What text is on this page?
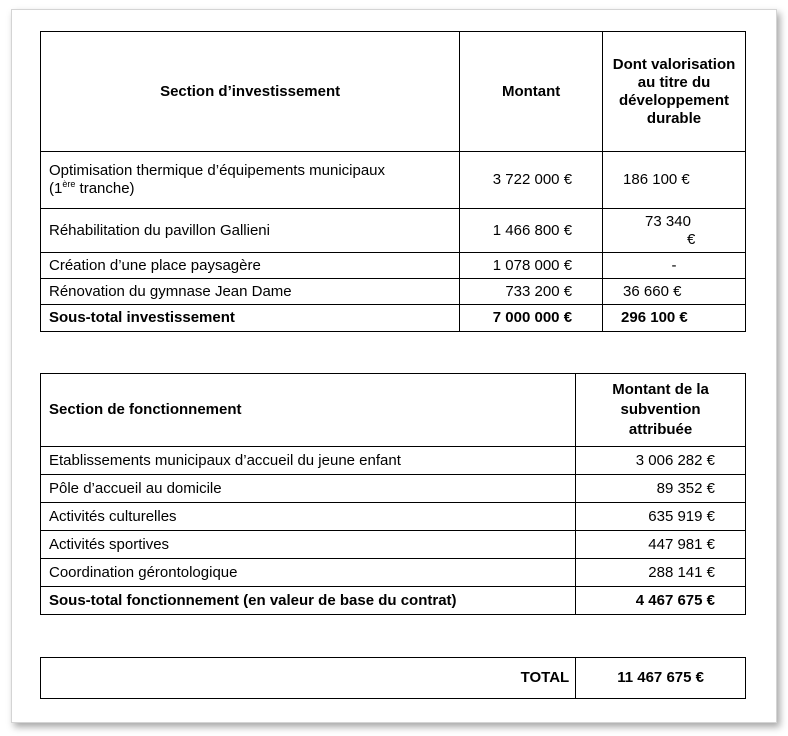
Section d’investissement	Montant	Dont valorisation au titre du développement durable
Optimisation thermique d’équipements municipaux
(1ère tranche)	3 722 000 €	186 100 €
Réhabilitation du pavillon Gallieni	1 466 800 €	73 340
€

Création d’une place paysagère	1 078 000 €	-
Rénovation du gymnase Jean Dame	733 200 €	36 660 €
Sous-total investissement	7 000 000 €	296 100 €
Section de fonctionnement	Montant de la subvention attribuée
Etablissements municipaux d’accueil du jeune enfant	3 006 282 €
Pôle d’accueil au domicile	89 352 €
Activités culturelles	635 919 €
Activités sportives	447 981 €
Coordination gérontologique	288 141 €
Sous-total fonctionnement (en valeur de base du contrat)	4 467 675 €
TOTAL	11 467 675 €
